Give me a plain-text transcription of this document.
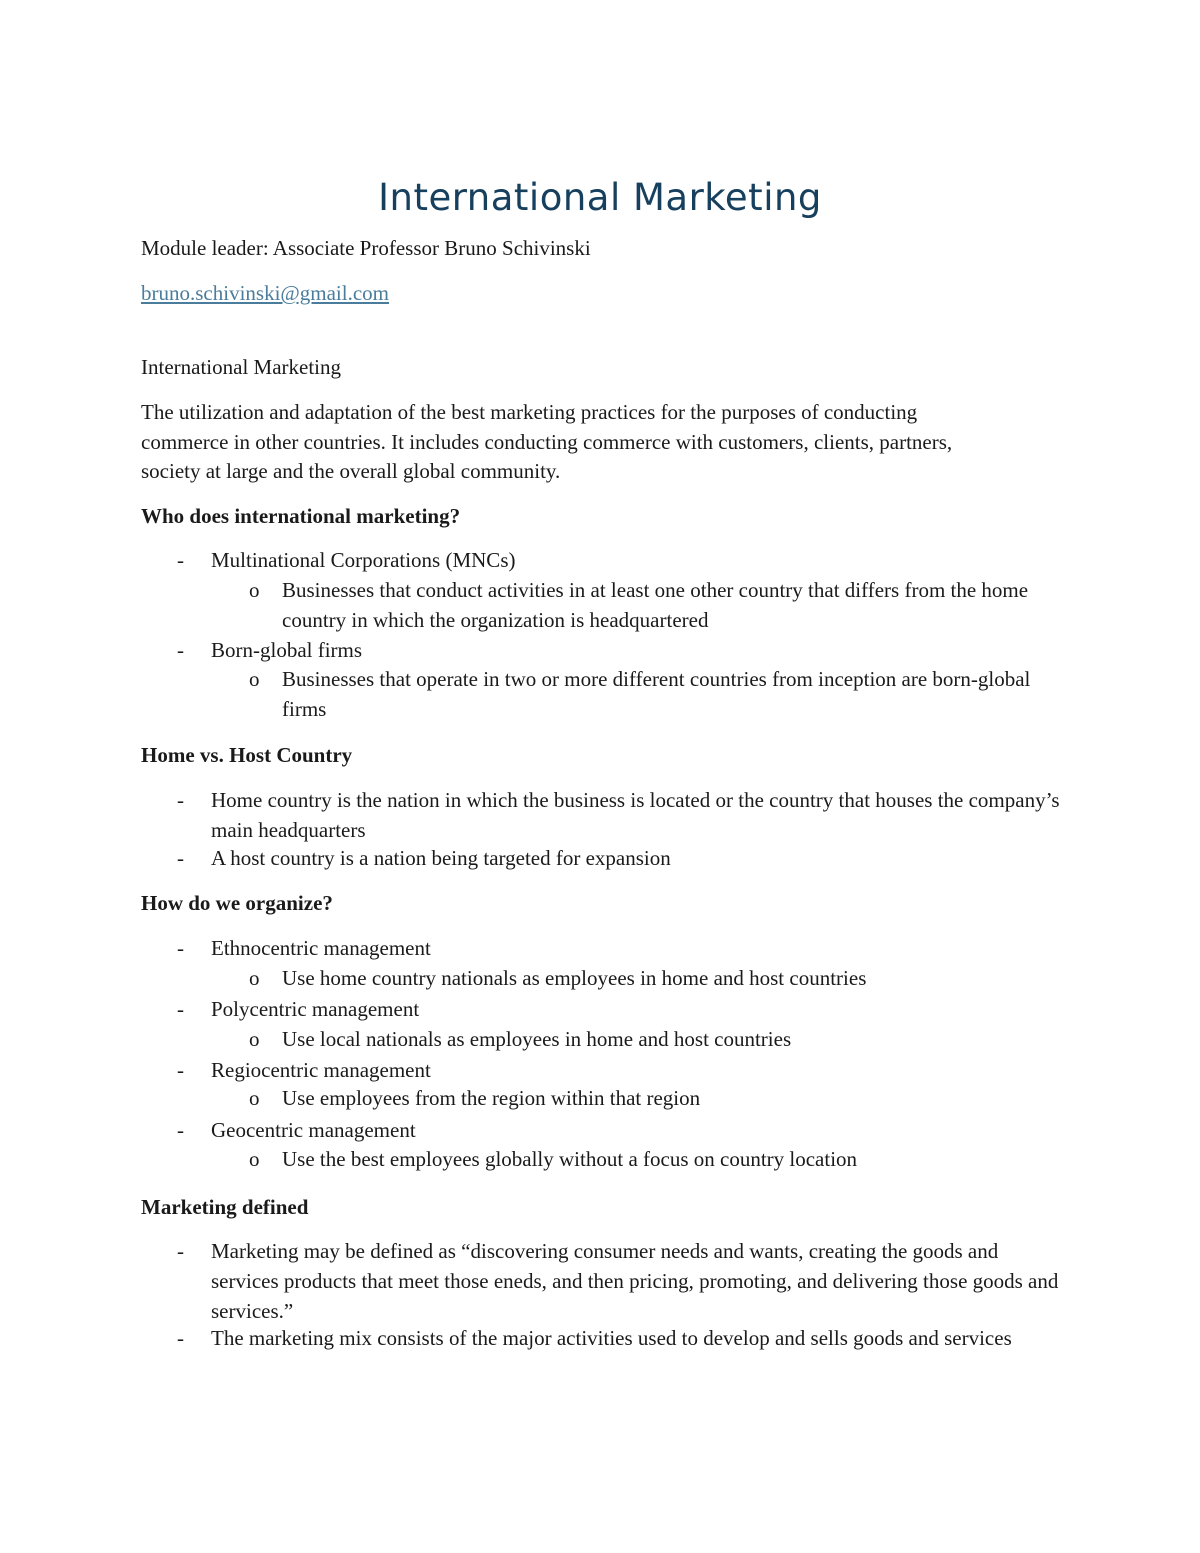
International Marketing
Module leader: Associate Professor Bruno Schivinski
bruno.schivinski@gmail.com
International Marketing
The utilization and adaptation of the best marketing practices for the purposes of conducting
commerce in other countries. It includes conducting commerce with customers, clients, partners,
society at large and the overall global community.
Who does international marketing?
- Multinational Corporations (MNCs)
o Businesses that conduct activities in at least one other country that differs from the home country in which the organization is headquartered
- Born-global firms
o Businesses that operate in two or more different countries from inception are born-global firms
Home vs. Host Country
- Home country is the nation in which the business is located or the country that houses the company’s main headquarters
- A host country is a nation being targeted for expansion
How do we organize?
- Ethnocentric management
o Use home country nationals as employees in home and host countries
- Polycentric management
o Use local nationals as employees in home and host countries
- Regiocentric management
o Use employees from the region within that region
- Geocentric management
o Use the best employees globally without a focus on country location
Marketing defined
- Marketing may be defined as “discovering consumer needs and wants, creating the goods and services products that meet those eneds, and then pricing, promoting, and delivering those goods and services.”
- The marketing mix consists of the major activities used to develop and sells goods and services
